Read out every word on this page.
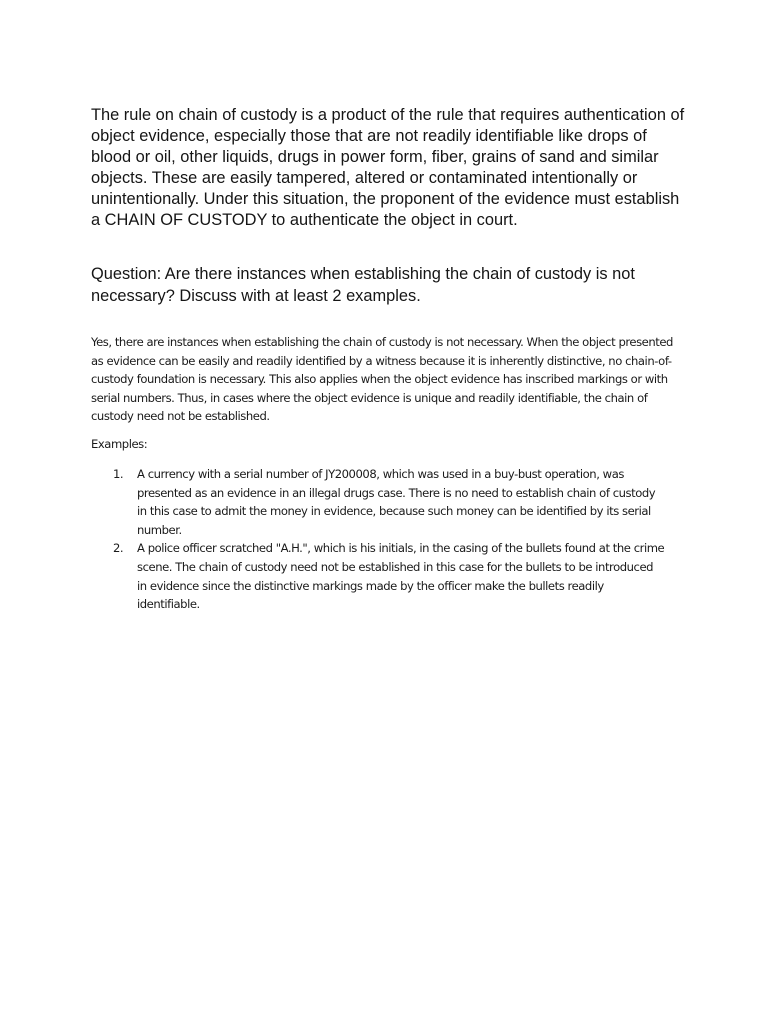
The rule on chain of custody is a product of the rule that requires authentication of object evidence, especially those that are not readily identifiable like drops of blood or oil, other liquids, drugs in power form, fiber, grains of sand and similar objects. These are easily tampered, altered or contaminated intentionally or unintentionally. Under this situation, the proponent of the evidence must establish a CHAIN OF CUSTODY to authenticate the object in court.

Question: Are there instances when establishing the chain of custody is not necessary? Discuss with at least 2 examples.

Yes, there are instances when establishing the chain of custody is not necessary. When the object presented as evidence can be easily and readily identified by a witness because it is inherently distinctive, no chain-of-custody foundation is necessary. This also applies when the object evidence has inscribed markings or with serial numbers. Thus, in cases where the object evidence is unique and readily identifiable, the chain of custody need not be established.

Examples:

1. A currency with a serial number of JY200008, which was used in a buy-bust operation, was presented as an evidence in an illegal drugs case. There is no need to establish chain of custody in this case to admit the money in evidence, because such money can be identified by its serial number.
2. A police officer scratched "A.H.", which is his initials, in the casing of the bullets found at the crime scene. The chain of custody need not be established in this case for the bullets to be introduced in evidence since the distinctive markings made by the officer make the bullets readily identifiable.
